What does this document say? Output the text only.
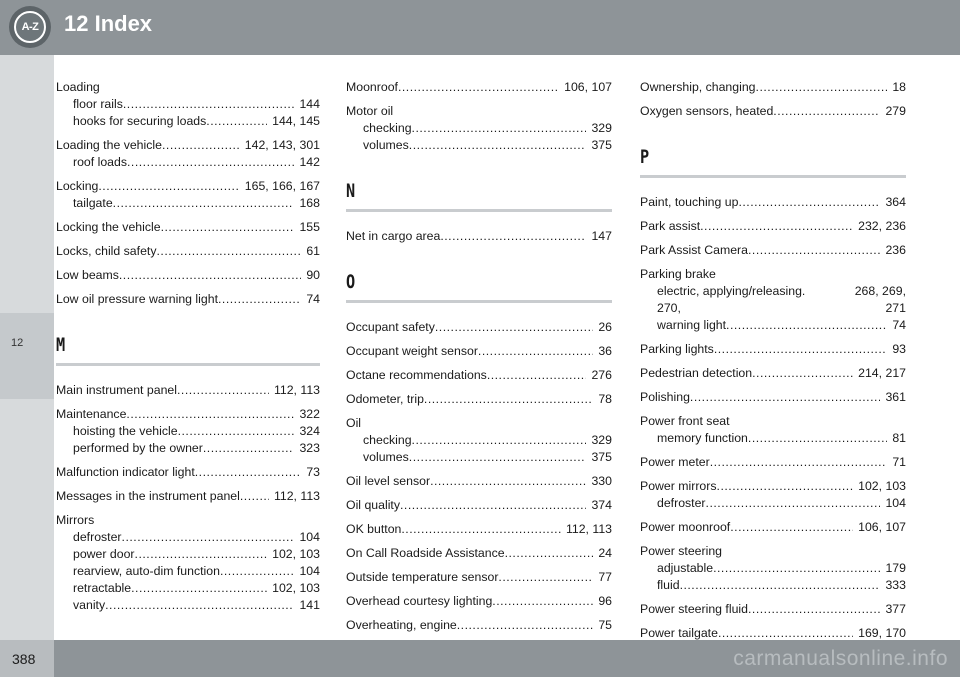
A-Z	12 Index
12
Loading
floor rails .....	144
hooks for securing loads .....	144, 145
Loading the vehicle .....	142, 143, 301
roof loads .....	142
Locking .....	165, 166, 167
tailgate .....	168
Locking the vehicle .....	155
Locks, child safety .....	61
Low beams .....	90
Low oil pressure warning light .....	74
M
Main instrument panel .....	112, 113
Maintenance .....	322
hoisting the vehicle .....	324
performed by the owner .....	323
Malfunction indicator light .....	73
Messages in the instrument panel .....	112, 113
Mirrors
defroster .....	104
power door .....	102, 103
rearview, auto-dim function .....	104
retractable .....	102, 103
vanity .....	141
Moonroof .....	106, 107
Motor oil
checking .....	329
volumes .....	375
N
Net in cargo area .....	147
O
Occupant safety .....	26
Occupant weight sensor .....	36
Octane recommendations .....	276
Odometer, trip .....	78
Oil
checking .....	329
volumes .....	375
Oil level sensor .....	330
Oil quality .....	374
OK button .....	112, 113
On Call Roadside Assistance .....	24
Outside temperature sensor .....	77
Overhead courtesy lighting .....	96
Overheating, engine .....	75
Ownership, changing .....	18
Oxygen sensors, heated .....	279
P
Paint, touching up .....	364
Park assist .....	232, 236
Park Assist Camera .....	236
Parking brake
electric, applying/releasing.	268, 269,
270,	271
warning light .....	74
Parking lights .....	93
Pedestrian detection .....	214, 217
Polishing .....	361
Power front seat
memory function .....	81
Power meter .....	71
Power mirrors .....	102, 103
defroster .....	104
Power moonroof .....	106, 107
Power steering
adjustable .....	179
fluid .....	333
Power steering fluid .....	377
Power tailgate .....	169, 170
388	carmanualsonline.info
